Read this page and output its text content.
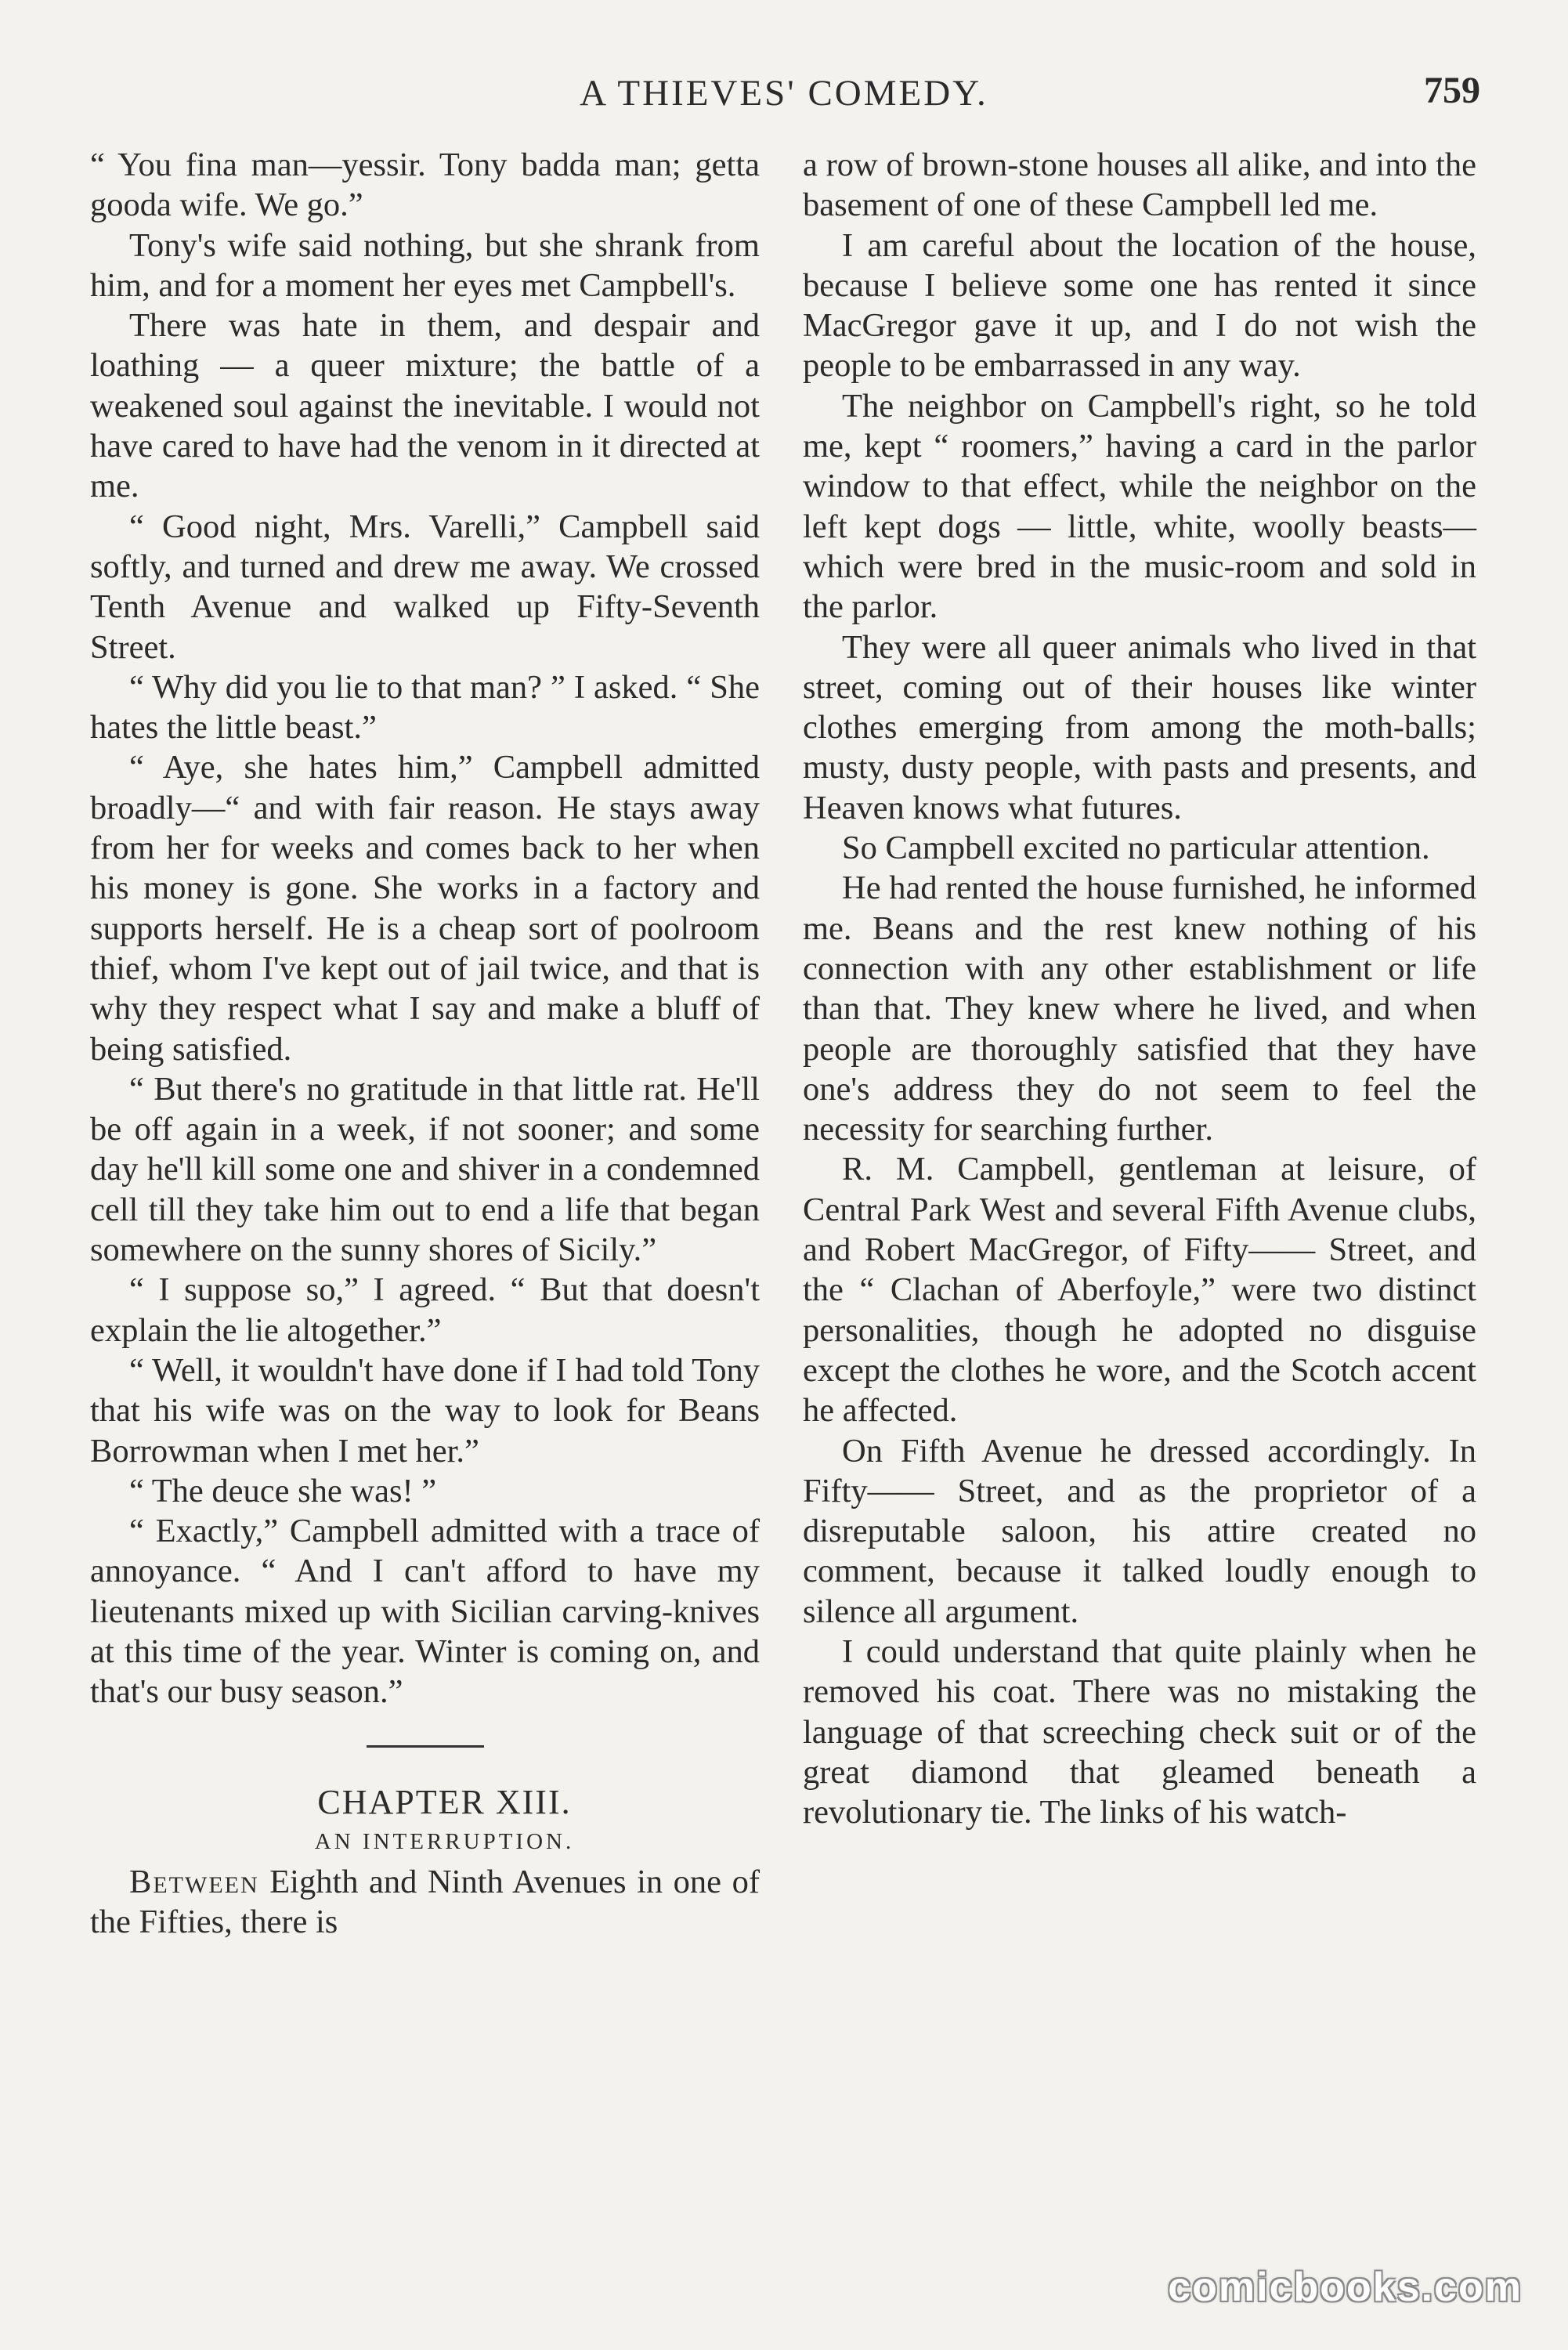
A THIEVES' COMEDY.	759

“ You fina man—yessir. Tony badda man; getta gooda wife. We go.”

Tony's wife said nothing, but she shrank from him, and for a moment her eyes met Campbell's.

There was hate in them, and despair and loathing — a queer mixture; the battle of a weakened soul against the inevitable. I would not have cared to have had the venom in it directed at me.

“ Good night, Mrs. Varelli,” Campbell said softly, and turned and drew me away. We crossed Tenth Avenue and walked up Fifty-Seventh Street.

“ Why did you lie to that man? ” I asked. “ She hates the little beast.”

“ Aye, she hates him,” Campbell admitted broadly—“ and with fair reason. He stays away from her for weeks and comes back to her when his money is gone. She works in a factory and supports herself. He is a cheap sort of poolroom thief, whom I've kept out of jail twice, and that is why they respect what I say and make a bluff of being satisfied.

“ But there's no gratitude in that little rat. He'll be off again in a week, if not sooner; and some day he'll kill some one and shiver in a condemned cell till they take him out to end a life that began somewhere on the sunny shores of Sicily.”

“ I suppose so,” I agreed. “ But that doesn't explain the lie altogether.”

“ Well, it wouldn't have done if I had told Tony that his wife was on the way to look for Beans Borrowman when I met her.”

“ The deuce she was! ”

“ Exactly,” Campbell admitted with a trace of annoyance. “ And I can't afford to have my lieutenants mixed up with Sicilian carving-knives at this time of the year. Winter is coming on, and that's our busy season.”

CHAPTER XIII.

AN INTERRUPTION.

Between Eighth and Ninth Avenues in one of the Fifties, there is

a row of brown-stone houses all alike, and into the basement of one of these Campbell led me.

I am careful about the location of the house, because I believe some one has rented it since MacGregor gave it up, and I do not wish the people to be embarrassed in any way.

The neighbor on Campbell's right, so he told me, kept “ roomers,” having a card in the parlor window to that effect, while the neighbor on the left kept dogs — little, white, woolly beasts—which were bred in the music-room and sold in the parlor.

They were all queer animals who lived in that street, coming out of their houses like winter clothes emerging from among the moth-balls; musty, dusty people, with pasts and presents, and Heaven knows what futures.

So Campbell excited no particular attention.

He had rented the house furnished, he informed me. Beans and the rest knew nothing of his connection with any other establishment or life than that. They knew where he lived, and when people are thoroughly satisfied that they have one's address they do not seem to feel the necessity for searching further.

R. M. Campbell, gentleman at leisure, of Central Park West and several Fifth Avenue clubs, and Robert MacGregor, of Fifty—— Street, and the “ Clachan of Aberfoyle,” were two distinct personalities, though he adopted no disguise except the clothes he wore, and the Scotch accent he affected.

On Fifth Avenue he dressed accordingly. In Fifty—— Street, and as the proprietor of a disreputable saloon, his attire created no comment, because it talked loudly enough to silence all argument.

I could understand that quite plainly when he removed his coat. There was no mistaking the language of that screeching check suit or of the great diamond that gleamed beneath a revolutionary tie. The links of his watch-

comicbooks.com
